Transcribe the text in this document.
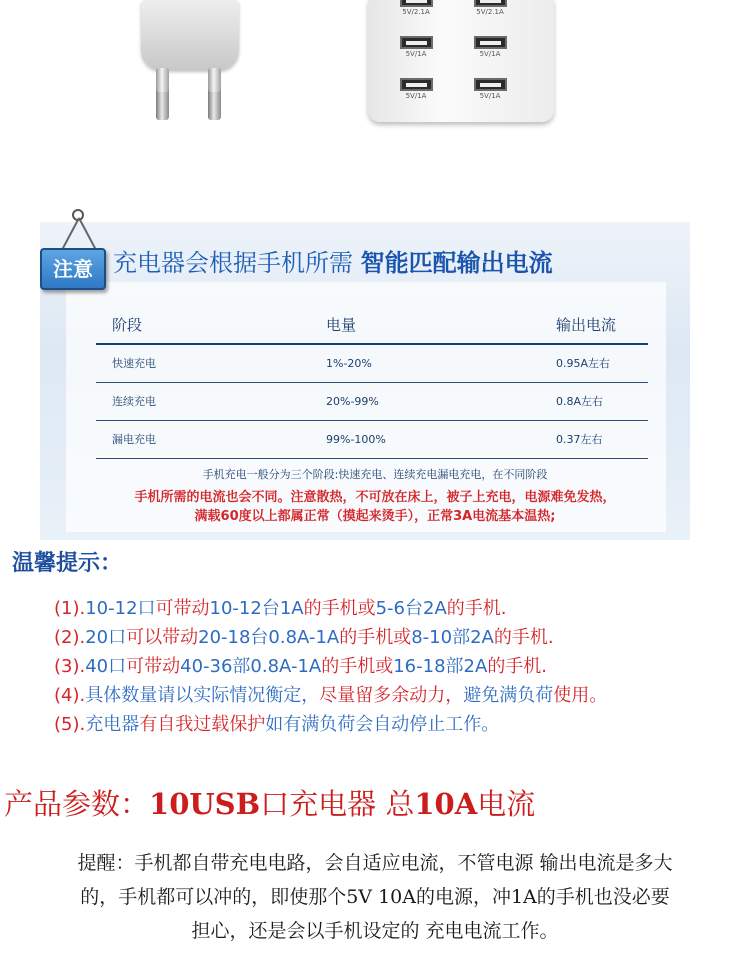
5V/2.1A	5V/2.1A
5V/1A	5V/1A
5V/1A	5V/1A
注意 充电器会根据手机所需 智能匹配输出电流
阶段	电量	输出电流
快速充电	1%-20%	0.95A左右
连续充电	20%-99%	0.8A左右
漏电充电	99%-100%	0.37左右
手机充电一般分为三个阶段:快速充电、连续充电漏电充电，在不同阶段
手机所需的电流也会不同。注意散热，不可放在床上，被子上充电，电源难免发热，
满载60度以上都属正常（摸起来烫手），正常3A电流基本温热;
温馨提示：
(1).10-12口可带动10-12台1A的手机或5-6台2A的手机.
(2).20口可以带动20-18台0.8A-1A的手机或8-10部2A的手机.
(3).40口可带动40-36部0.8A-1A的手机或16-18部2A的手机.
(4).具体数量请以实际情况衡定，尽量留多余动力，避免满负荷使用。
(5).充电器有自我过载保护如有满负荷会自动停止工作。
产品参数：10USB口充电器 总10A电流
提醒：手机都自带充电电路，会自适应电流，不管电源 输出电流是多大
的，手机都可以冲的，即使那个5V 10A的电源，冲1A的手机也没必要
担心，还是会以手机设定的 充电电流工作。
